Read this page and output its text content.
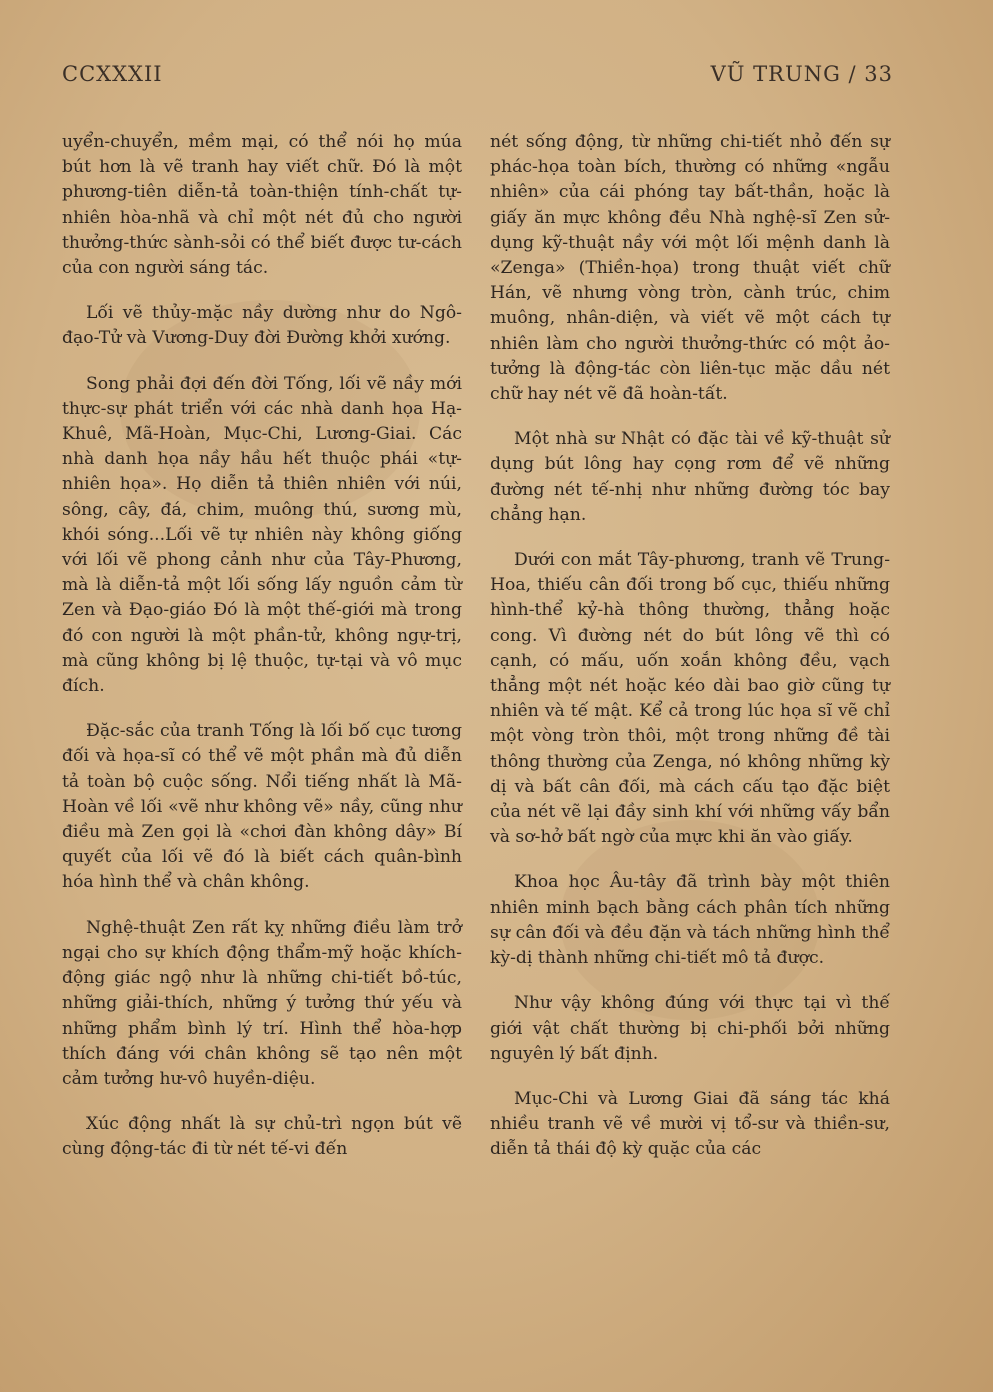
CCXXXII	VŨ TRUNG / 33

uyển-chuyển, mềm mại, có thể nói họ múa bút hơn là vẽ tranh hay viết chữ. Đó là một phương-tiên diễn-tả toàn-thiện tính-chất tự-nhiên hòa-nhã và chỉ một nét đủ cho người thưởng-thức sành-sỏi có thể biết được tư-cách của con người sáng tác.

Lối vẽ thủy-mặc nầy dường như do Ngô-đạo-Tử và Vương-Duy đời Đường khởi xướng.

Song phải đợi đến đời Tống, lối vẽ nầy mới thực-sự phát triển với các nhà danh họa Hạ-Khuê, Mã-Hoàn, Mục-Chi, Lương-Giai. Các nhà danh họa nầy hầu hết thuộc phái «tự-nhiên họa». Họ diễn tả thiên nhiên với núi, sông, cây, đá, chim, muông thú, sương mù, khói sóng...Lối vẽ tự nhiên này không giống với lối vẽ phong cảnh như của Tây-Phương, mà là diễn-tả một lối sống lấy nguồn cảm từ Zen và Đạo-giáo Đó là một thế-giới mà trong đó con người là một phần-tử, không ngự-trị, mà cũng không bị lệ thuộc, tự-tại và vô mục đích.

Đặc-sắc của tranh Tống là lối bố cục tương đối và họa-sĩ có thể vẽ một phần mà đủ diễn tả toàn bộ cuộc sống. Nổi tiếng nhất là Mã-Hoàn về lối «vẽ như không vẽ» nầy, cũng như điều mà Zen gọi là «chơi đàn không dây» Bí quyết của lối vẽ đó là biết cách quân-bình hóa hình thể và chân không.

Nghệ-thuật Zen rất kỵ những điều làm trở ngại cho sự khích động thẩm-mỹ hoặc khích-động giác ngộ như là những chi-tiết bồ-túc, những giải-thích, những ý tưởng thứ yếu và những phẩm bình lý trí. Hình thể hòa-hợp thích đáng với chân không sẽ tạo nên một cảm tưởng hư-vô huyền-diệu.

Xúc động nhất là sự chủ-trì ngọn bút vẽ cùng động-tác đi từ nét tế-vi đến

nét sống động, từ những chi-tiết nhỏ đến sự phác-họa toàn bích, thường có những «ngẫu nhiên» của cái phóng tay bất-thần, hoặc là giấy ăn mực không đều Nhà nghệ-sĩ Zen sử-dụng kỹ-thuật nầy với một lối mệnh danh là «Zenga» (Thiền-họa) trong thuật viết chữ Hán, vẽ nhưng vòng tròn, cành trúc, chim muông, nhân-diện, và viết vẽ một cách tự nhiên làm cho người thưởng-thức có một ảo-tưởng là động-tác còn liên-tục mặc dầu nét chữ hay nét vẽ đã hoàn-tất.

Một nhà sư Nhật có đặc tài về kỹ-thuật sử dụng bút lông hay cọng rơm để vẽ những đường nét tế-nhị như những đường tóc bay chẳng hạn.

Dưới con mắt Tây-phương, tranh vẽ Trung-Hoa, thiếu cân đối trong bố cục, thiếu những hình-thể kỷ-hà thông thường, thẳng hoặc cong. Vì đường nét do bút lông vẽ thì có cạnh, có mấu, uốn xoắn không đều, vạch thẳng một nét hoặc kéo dài bao giờ cũng tự nhiên và tế mật. Kể cả trong lúc họa sĩ vẽ chỉ một vòng tròn thôi, một trong những đề tài thông thường của Zenga, nó không những kỳ dị và bất cân đối, mà cách cấu tạo đặc biệt của nét vẽ lại đầy sinh khí với những vấy bẩn và sơ-hở bất ngờ của mực khi ăn vào giấy.

Khoa học Âu-tây đã trình bày một thiên nhiên minh bạch bằng cách phân tích những sự cân đối và đều đặn và tách những hình thể kỳ-dị thành những chi-tiết mô tả được.

Như vậy không đúng với thực tại vì thế giới vật chất thường bị chi-phối bởi những nguyên lý bất định.

Mục-Chi và Lương Giai đã sáng tác khá nhiều tranh vẽ về mười vị tổ-sư và thiền-sư, diễn tả thái độ kỳ quặc của các
